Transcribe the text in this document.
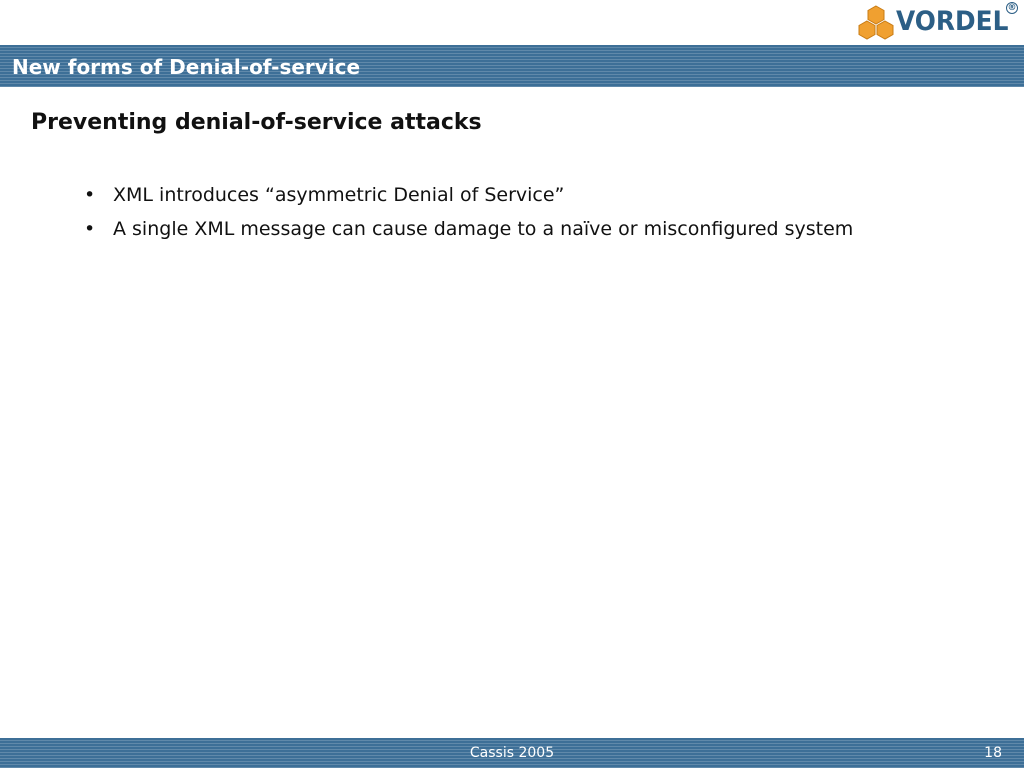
VORDEL ®
New forms of Denial-of-service
Preventing denial-of-service attacks
• XML introduces “asymmetric Denial of Service”
• A single XML message can cause damage to a naïve or misconfigured system
Cassis 2005	18
